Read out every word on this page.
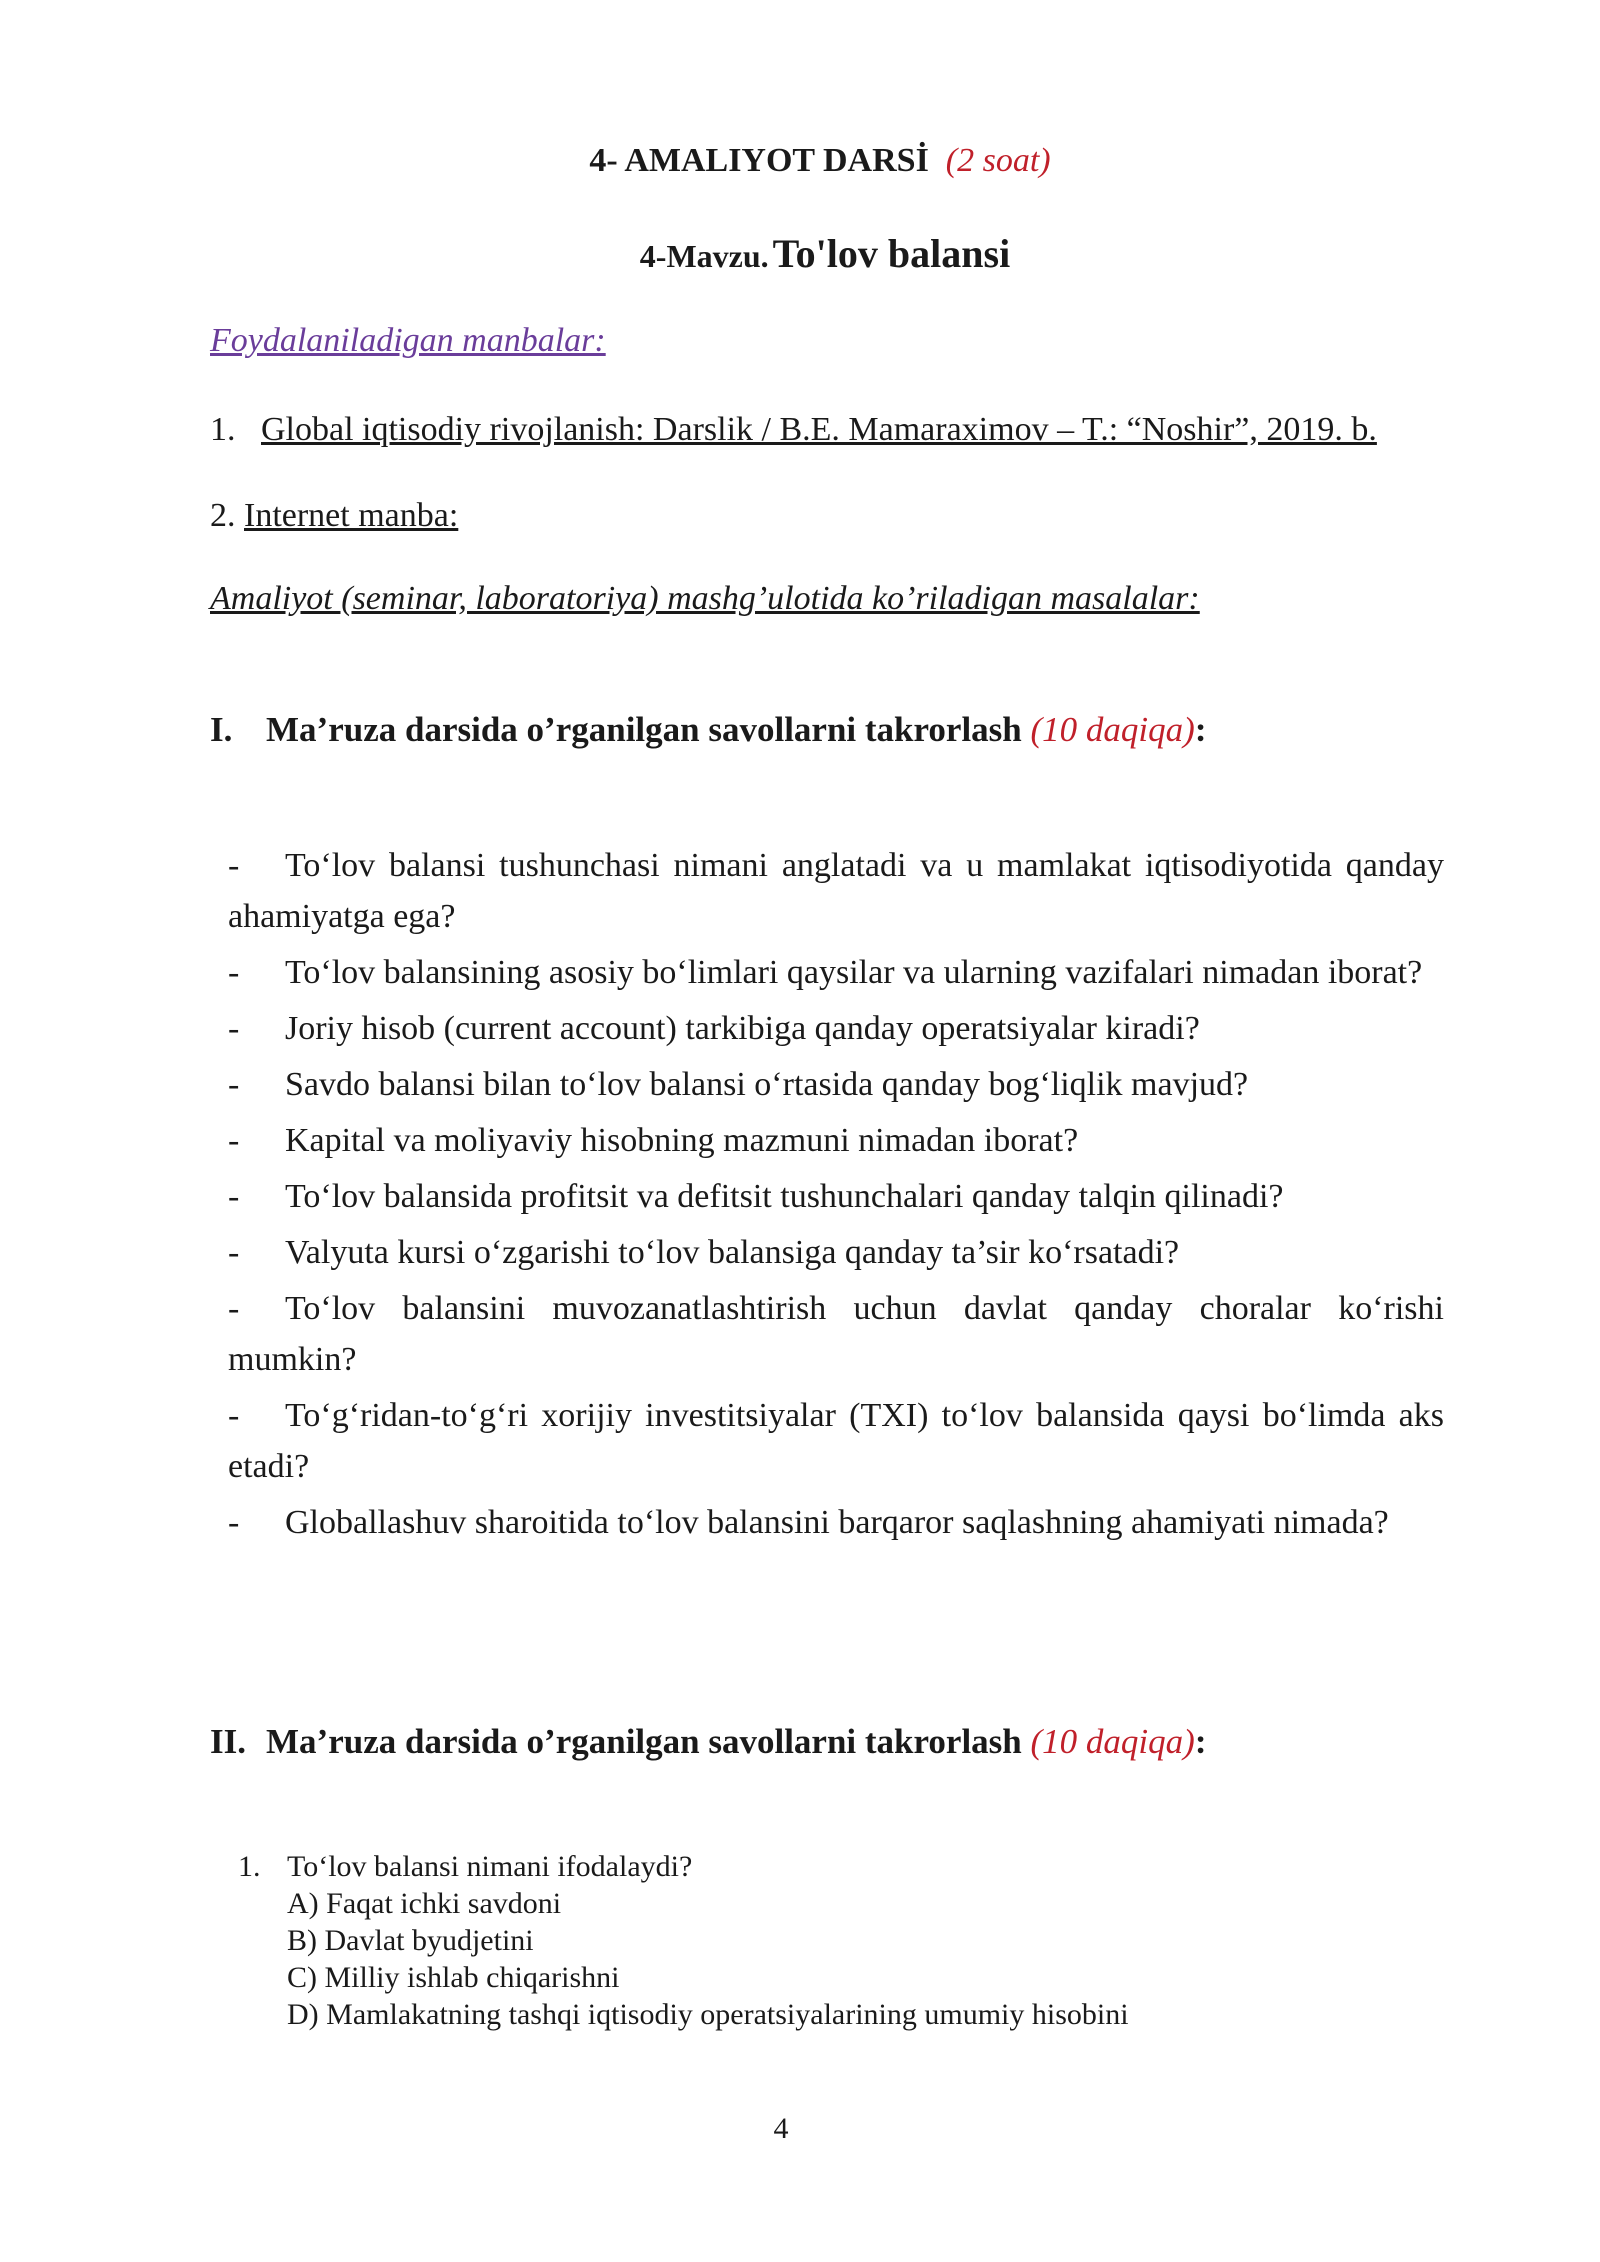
4- AMALIYOT DARSİ (2 soat)
4-Mavzu. To'lov balansi
Foydalaniladigan manbalar:
1. Global iqtisodiy rivojlanish: Darslik / B.E. Mamaraximov – T.: “Noshir”, 2019. b.
2. Internet manba:
Amaliyot (seminar, laboratoriya) mashg’ulotida ko’riladigan masalalar:
I. Ma’ruza darsida o’rganilgan savollarni takrorlash (10 daqiqa):
- To‘lov balansi tushunchasi nimani anglatadi va u mamlakat iqtisodiyotida qanday ahamiyatga ega?
- To‘lov balansining asosiy bo‘limlari qaysilar va ularning vazifalari nimadan iborat?
- Joriy hisob (current account) tarkibiga qanday operatsiyalar kiradi?
- Savdo balansi bilan to‘lov balansi o‘rtasida qanday bog‘liqlik mavjud?
- Kapital va moliyaviy hisobning mazmuni nimadan iborat?
- To‘lov balansida profitsit va defitsit tushunchalari qanday talqin qilinadi?
- Valyuta kursi o‘zgarishi to‘lov balansiga qanday ta’sir ko‘rsatadi?
- To‘lov balansini muvozanatlashtirish uchun davlat qanday choralar ko‘rishi mumkin?
- To‘g‘ridan-to‘g‘ri xorijiy investitsiyalar (TXI) to‘lov balansida qaysi bo‘limda aks etadi?
- Globallashuv sharoitida to‘lov balansini barqaror saqlashning ahamiyati nimada?
II. Ma’ruza darsida o’rganilgan savollarni takrorlash (10 daqiqa):
1. To‘lov balansi nimani ifodalaydi?
A) Faqat ichki savdoni
B) Davlat byudjetini
C) Milliy ishlab chiqarishni
D) Mamlakatning tashqi iqtisodiy operatsiyalarining umumiy hisobini
4
